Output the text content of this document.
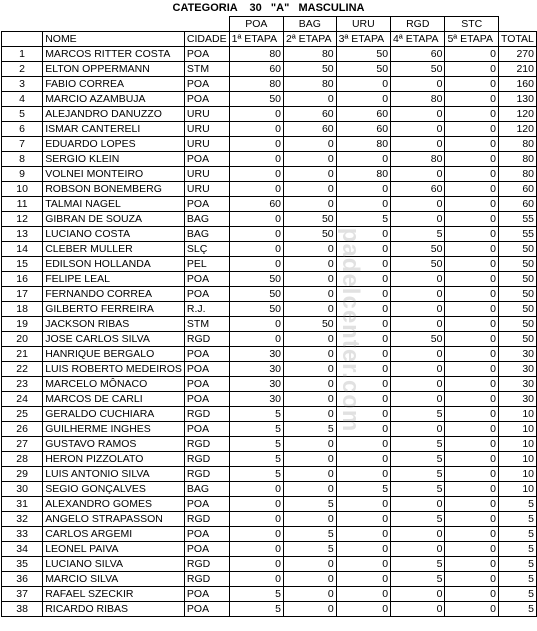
CATEGORIA    30   "A"   MASCULINA
			POA	BAG	URU	RGD	STC	
	NOME	CIDADE	1ª ETAPA	2ª ETAPA	3ª ETAPA	4ª ETAPA	5ª ETAPA	TOTAL
1	MARCOS RITTER COSTA	POA	80	80	50	60	0	270
2	ELTON OPPERMANN	STM	60	50	50	50	0	210
3	FABIO CORREA	POA	80	80	0	0	0	160
4	MARCIO AZAMBUJA	POA	50	0	0	80	0	130
5	ALEJANDRO DANUZZO	URU	0	60	60	0	0	120
6	ISMAR CANTERELI	URU	0	60	60	0	0	120
7	EDUARDO LOPES	URU	0	0	80	0	0	80
8	SERGIO KLEIN	POA	0	0	0	80	0	80
9	VOLNEI MONTEIRO	URU	0	0	80	0	0	80
10	ROBSON BONEMBERG	URU	0	0	0	60	0	60
11	TALMAI NAGEL	POA	60	0	0	0	0	60
12	GIBRAN DE SOUZA	BAG	0	50	5	0	0	55
13	LUCIANO COSTA	BAG	0	50	0	5	0	55
14	CLEBER MULLER	SLÇ	0	0	0	50	0	50
15	EDILSON HOLLANDA	PEL	0	0	0	50	0	50
16	FELIPE LEAL	POA	50	0	0	0	0	50
17	FERNANDO CORREA	POA	50	0	0	0	0	50
18	GILBERTO FERREIRA	R.J.	50	0	0	0	0	50
19	JACKSON RIBAS	STM	0	50	0	0	0	50
20	JOSE CARLOS SILVA	RGD	0	0	0	50	0	50
21	HANRIQUE BERGALO	POA	30	0	0	0	0	30
22	LUIS ROBERTO MEDEIROS	POA	30	0	0	0	0	30
23	MARCELO MÔNACO	POA	30	0	0	0	0	30
24	MARCOS DE CARLI	POA	30	0	0	0	0	30
25	GERALDO CUCHIARA	RGD	5	0	0	5	0	10
26	GUILHERME INGHES	POA	5	5	0	0	0	10
27	GUSTAVO RAMOS	RGD	5	0	0	5	0	10
28	HERON PIZZOLATO	RGD	5	0	0	5	0	10
29	LUIS ANTONIO SILVA	RGD	5	0	0	5	0	10
30	SEGIO GONÇALVES	BAG	0	0	5	5	0	10
31	ALEXANDRO GOMES	POA	0	5	0	0	0	5
32	ANGELO STRAPASSON	RGD	0	0	0	5	0	5
33	CARLOS ARGEMI	POA	0	5	0	0	0	5
34	LEONEL PAIVA	POA	0	5	0	0	0	5
35	LUCIANO SILVA	RGD	0	0	0	5	0	5
36	MARCIO SILVA	RGD	0	0	0	5	0	5
37	RAFAEL SZECKIR	POA	5	0	0	0	0	5
38	RICARDO RIBAS	POA	5	0	0	0	0	5
padelcenter.com
